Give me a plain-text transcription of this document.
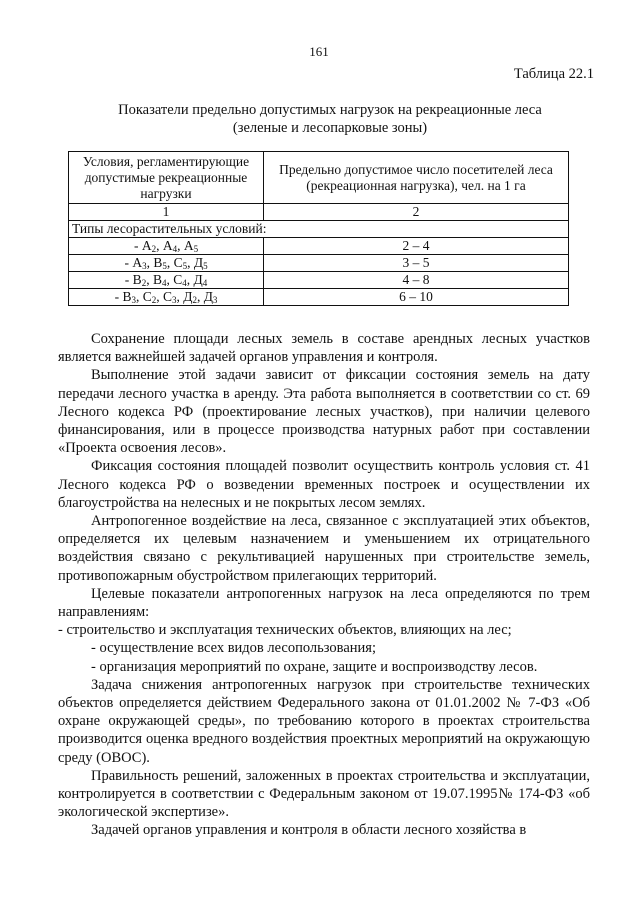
161
Таблица 22.1
Показатели предельно допустимых нагрузок на рекреационные леса
(зеленые и лесопарковые зоны)
Условия, регламентирующие допустимые рекреационные нагрузки	Предельно допустимое число посетителей леса (рекреационная нагрузка), чел. на 1 га
1	2
Типы лесорастительных условий:	
- $А_2$, $А_4$, $А_5$	2 – 4
- $А_3$, $В_5$, $С_5$, $Д_5$	3 – 5
- $В_2$, $В_4$, $С_4$, $Д_4$	4 – 8
- $В_3$, $С_2$, $С_3$, $Д_2$, $Д_3$	6 – 10

Сохранение площади лесных земель в составе арендных лесных участков является важнейшей задачей органов управления и контроля.

Выполнение этой задачи зависит от фиксации состояния земель на дату передачи лесного участка в аренду. Эта работа выполняется в соответствии со ст. 69 Лесного кодекса РФ (проектирование лесных участков), при наличии целевого финансирования, или в процессе производства натурных работ при составлении «Проекта освоения лесов».

Фиксация состояния площадей позволит осуществить контроль условия ст. 41 Лесного кодекса РФ о возведении временных построек и осуществлении их благоустройства на нелесных и не покрытых лесом землях.

Антропогенное воздействие на леса, связанное с эксплуатацией этих объектов, определяется их целевым назначением и уменьшением их отрицательного воздействия связано с рекультивацией нарушенных при строительстве земель, противопожарным обустройством прилегающих территорий.

Целевые показатели антропогенных нагрузок на леса определяются по трем направлениям:

- строительство и эксплуатация технических объектов, влияющих на лес;

- осуществление всех видов лесопользования;

- организация мероприятий по охране, защите и воспроизводству лесов.

Задача снижения антропогенных нагрузок при строительстве технических объектов определяется действием Федерального закона от 01.01.2002 № 7-ФЗ «Об охране окружающей среды», по требованию которого в проектах строительства производится оценка вредного воздействия проектных мероприятий на окружающую среду (ОВОС).

Правильность решений, заложенных в проектах строительства и эксплуатации, контролируется в соответствии с Федеральным законом от 19.07.1995№ 174-ФЗ «об экологической экспертизе».

Задачей органов управления и контроля в области лесного хозяйства в
